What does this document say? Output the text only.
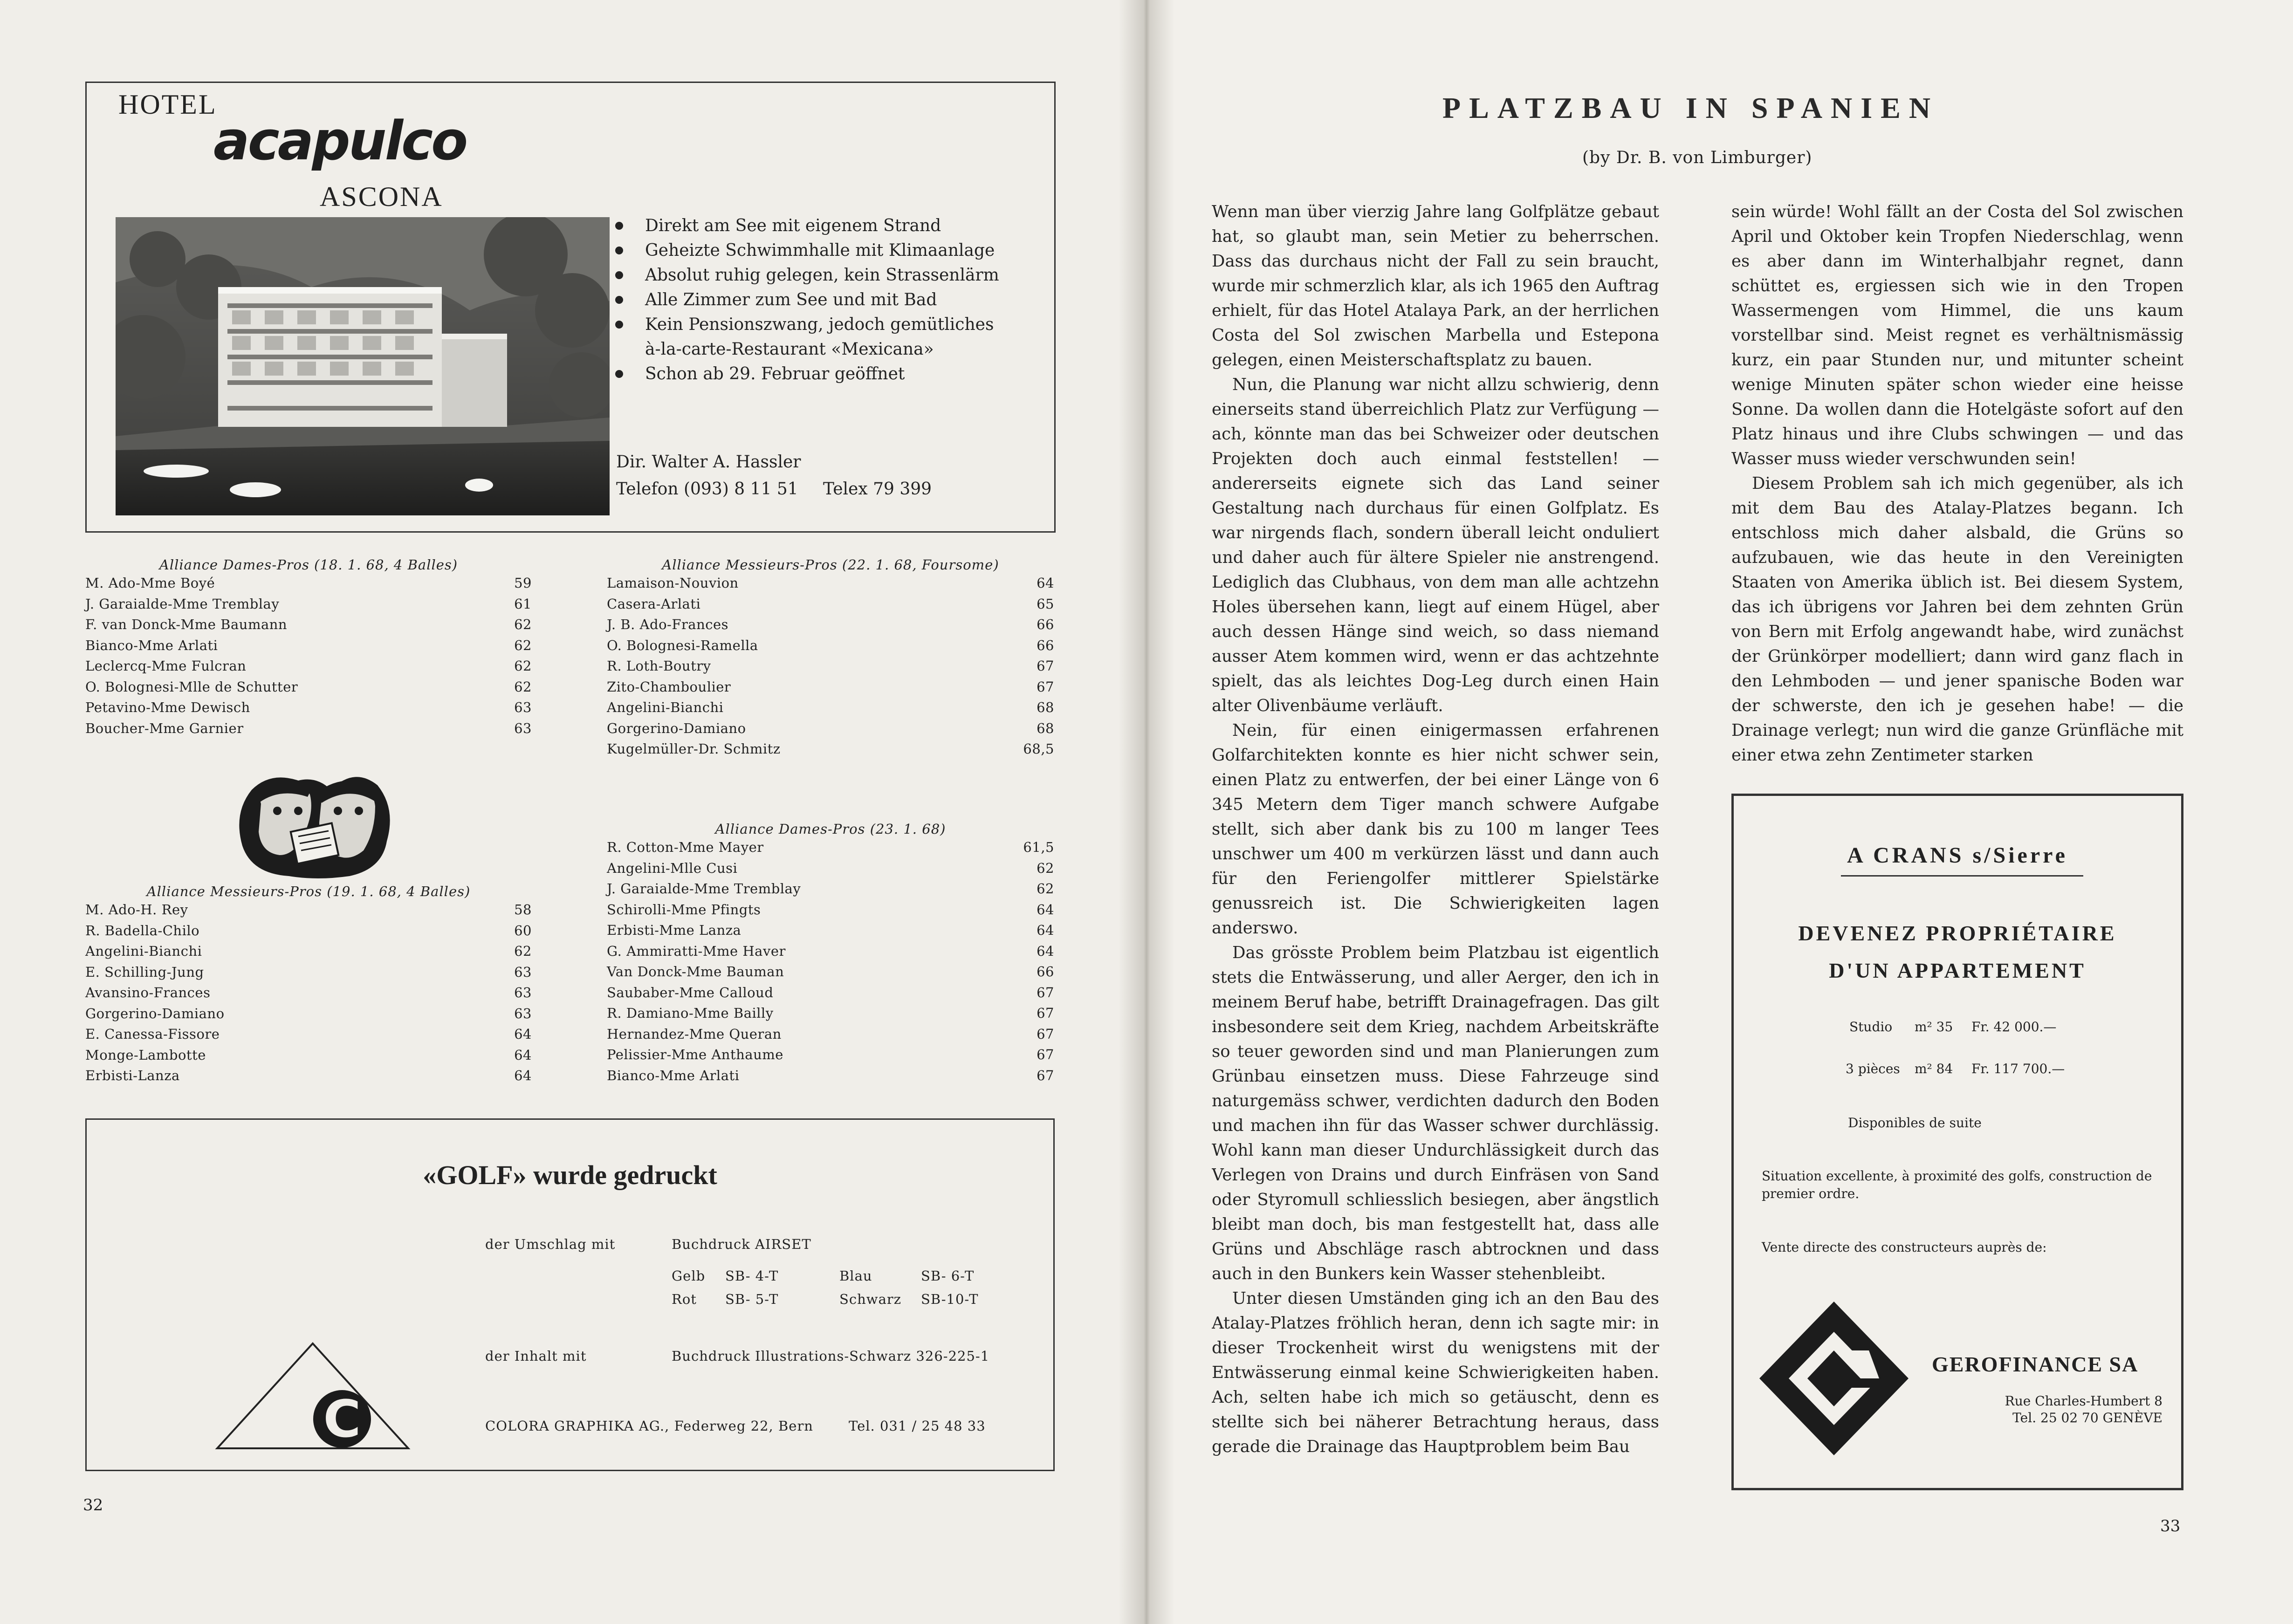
HOTEL
acapulco
ASCONA
Direkt am See mit eigenem Strand
Geheizte Schwimmhalle mit Klimaanlage
Absolut ruhig gelegen, kein Strassenlärm
Alle Zimmer zum See und mit Bad
Kein Pensionszwang, jedoch gemütliches
à-la-carte-Restaurant «Mexicana»
Schon ab 29. Februar geöffnet
Dir. Walter A. Hassler
Telefon (093) 8 11 51 Telex 79 399
Alliance Dames-Pros (18. 1. 68, 4 Balles)
M. Ado-Mme Boyé	59
J. Garaialde-Mme Tremblay	61
F. van Donck-Mme Baumann	62
Bianco-Mme Arlati	62
Leclercq-Mme Fulcran	62
O. Bolognesi-Mlle de Schutter	62
Petavino-Mme Dewisch	63
Boucher-Mme Garnier	63
Alliance Messieurs-Pros (22. 1. 68, Foursome)
Lamaison-Nouvion	64
Casera-Arlati	65
J. B. Ado-Frances	66
O. Bolognesi-Ramella	66
R. Loth-Boutry	67
Zito-Chamboulier	67
Angelini-Bianchi	68
Gorgerino-Damiano	68
Kugelmüller-Dr. Schmitz	68,5
Alliance Messieurs-Pros (19. 1. 68, 4 Balles)
M. Ado-H. Rey	58
R. Badella-Chilo	60
Angelini-Bianchi	62
E. Schilling-Jung	63
Avansino-Frances	63
Gorgerino-Damiano	63
E. Canessa-Fissore	64
Monge-Lambotte	64
Erbisti-Lanza	64
Alliance Dames-Pros (23. 1. 68)
R. Cotton-Mme Mayer	61,5
Angelini-Mlle Cusi	62
J. Garaialde-Mme Tremblay	62
Schirolli-Mme Pfingts	64
Erbisti-Mme Lanza	64
G. Ammiratti-Mme Haver	64
Van Donck-Mme Bauman	66
Saubaber-Mme Calloud	67
R. Damiano-Mme Bailly	67
Hernandez-Mme Queran	67
Pelissier-Mme Anthaume	67
Bianco-Mme Arlati	67
«GOLF» wurde gedruckt
der Umschlag mit	Buchdruck AIRSET
Gelb SB- 4-T	Blau	SB- 6-T
Rot SB- 5-T	Schwarz SB-10-T
der Inhalt mit	Buchdruck Illustrations-Schwarz 326-225-1
COLORA GRAPHIKA AG., Federweg 22, Bern	Tel. 031 / 25 48 33
C
32
PLATZBAU IN SPANIEN
(by Dr. B. von Limburger)

Wenn man über vierzig Jahre lang Golfplätze gebaut hat, so glaubt man, sein Metier zu beherrschen. Dass das durchaus nicht der Fall zu sein braucht, wurde mir schmerzlich klar, als ich 1965 den Auftrag erhielt, für das Hotel Atalaya Park, an der herrlichen Costa del Sol zwischen Marbella und Estepona gelegen, einen Meisterschaftsplatz zu bauen.

Nun, die Planung war nicht allzu schwierig, denn einerseits stand überreichlich Platz zur Verfügung — ach, könnte man das bei Schweizer oder deutschen Projekten doch auch einmal feststellen! — andererseits eignete sich das Land seiner Gestaltung nach durchaus für einen Golfplatz. Es war nirgends flach, sondern überall leicht onduliert und daher auch für ältere Spieler nie anstrengend. Lediglich das Clubhaus, von dem man alle achtzehn Holes übersehen kann, liegt auf einem Hügel, aber auch dessen Hänge sind weich, so dass niemand ausser Atem kommen wird, wenn er das achtzehnte spielt, das als leichtes Dog-Leg durch einen Hain alter Olivenbäume verläuft.

Nein, für einen einigermassen erfahrenen Golfarchitekten konnte es hier nicht schwer sein, einen Platz zu entwerfen, der bei einer Länge von 6 345 Metern dem Tiger manch schwere Aufgabe stellt, sich aber dank bis zu 100 m langer Tees unschwer um 400 m verkürzen lässt und dann auch für den Feriengolfer mittlerer Spielstärke genussreich ist. Die Schwierigkeiten lagen anderswo.

Das grösste Problem beim Platzbau ist eigentlich stets die Entwässerung, und aller Aerger, den ich in meinem Beruf habe, betrifft Drainagefragen. Das gilt insbesondere seit dem Krieg, nachdem Arbeitskräfte so teuer geworden sind und man Planierungen zum Grünbau einsetzen muss. Diese Fahrzeuge sind naturgemäss schwer, verdichten dadurch den Boden und machen ihn für das Wasser schwer durchlässig. Wohl kann man dieser Undurchlässigkeit durch das Verlegen von Drains und durch Einfräsen von Sand oder Styromull schliesslich besiegen, aber ängstlich bleibt man doch, bis man festgestellt hat, dass alle Grüns und Abschläge rasch abtrocknen und dass auch in den Bunkers kein Wasser stehenbleibt.

Unter diesen Umständen ging ich an den Bau des Atalay-Platzes fröhlich heran, denn ich sagte mir: in dieser Trockenheit wirst du wenigstens mit der Entwässerung einmal keine Schwierigkeiten haben. Ach, selten habe ich mich so getäuscht, denn es stellte sich bei näherer Betrachtung heraus, dass gerade die Drainage das Hauptproblem beim Bau

sein würde! Wohl fällt an der Costa del Sol zwischen April und Oktober kein Tropfen Niederschlag, wenn es aber dann im Winterhalbjahr regnet, dann schüttet es, ergiessen sich wie in den Tropen Wassermengen vom Himmel, die uns kaum vorstellbar sind. Meist regnet es verhältnismässig kurz, ein paar Stunden nur, und mitunter scheint wenige Minuten später schon wieder eine heisse Sonne. Da wollen dann die Hotelgäste sofort auf den Platz hinaus und ihre Clubs schwingen — und das Wasser muss wieder verschwunden sein!

Diesem Problem sah ich mich gegenüber, als ich mit dem Bau des Atalay-Platzes begann. Ich entschloss mich daher alsbald, die Grüns so aufzubauen, wie das heute in den Vereinigten Staaten von Amerika üblich ist. Bei diesem System, das ich übrigens vor Jahren bei dem zehnten Grün von Bern mit Erfolg angewandt habe, wird zunächst der Grünkörper modelliert; dann wird ganz flach in den Lehmboden — und jener spanische Boden war der schwerste, den ich je gesehen habe! — die Drainage verlegt; nun wird die ganze Grünfläche mit einer etwa zehn Zentimeter starken

A CRANS s/Sierre
DEVENEZ PROPRIÉTAIRE
D'UN APPARTEMENT
Studio m² 35 Fr. 42 000.—
3 pièces m² 84 Fr. 117 700.—
Disponibles de suite
Situation excellente, à proximité des golfs, construction de premier ordre.
Vente directe des constructeurs auprès de:
GEROFINANCE SA
Rue Charles-Humbert 8
Tel. 25 02 70 GENÈVE
33
